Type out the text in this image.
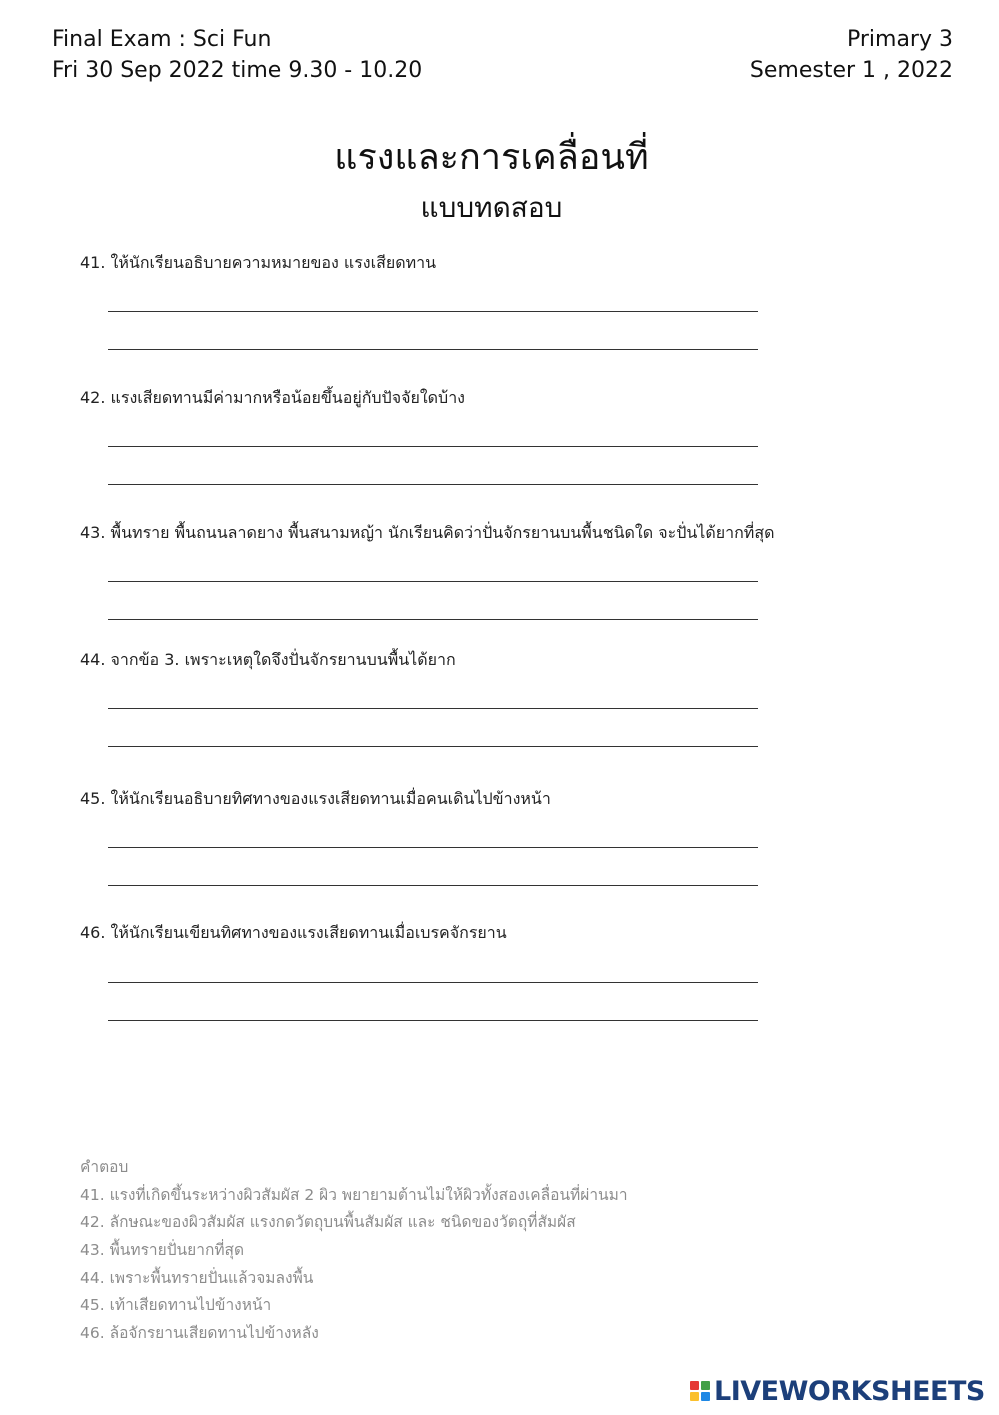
Final Exam : Sci Fun
Fri 30 Sep 2022 time 9.30 - 10.20
Primary 3
Semester 1 , 2022
แรงและการเคลื่อนที่
แบบทดสอบ
41. ให้นักเรียนอธิบายความหมายของ แรงเสียดทาน
42. แรงเสียดทานมีค่ามากหรือน้อยขึ้นอยู่กับปัจจัยใดบ้าง
43. พื้นทราย พื้นถนนลาดยาง พื้นสนามหญ้า นักเรียนคิดว่าปั่นจักรยานบนพื้นชนิดใด จะปั่นได้ยากที่สุด
44. จากข้อ 3. เพราะเหตุใดจึงปั่นจักรยานบนพื้นได้ยาก
45. ให้นักเรียนอธิบายทิศทางของแรงเสียดทานเมื่อคนเดินไปข้างหน้า
46. ให้นักเรียนเขียนทิศทางของแรงเสียดทานเมื่อเบรคจักรยาน
คำตอบ
41. แรงที่เกิดขึ้นระหว่างผิวสัมผัส 2 ผิว พยายามต้านไม่ให้ผิวทั้งสองเคลื่อนที่ผ่านมา
42. ลักษณะของผิวสัมผัส แรงกดวัตถุบนพื้นสัมผัส และ ชนิดของวัตถุที่สัมผัส
43. พื้นทรายปั่นยากที่สุด
44. เพราะพื้นทรายปั่นแล้วจมลงพื้น
45. เท้าเสียดทานไปข้างหน้า
46. ล้อจักรยานเสียดทานไปข้างหลัง
LIVEWORKSHEETS
